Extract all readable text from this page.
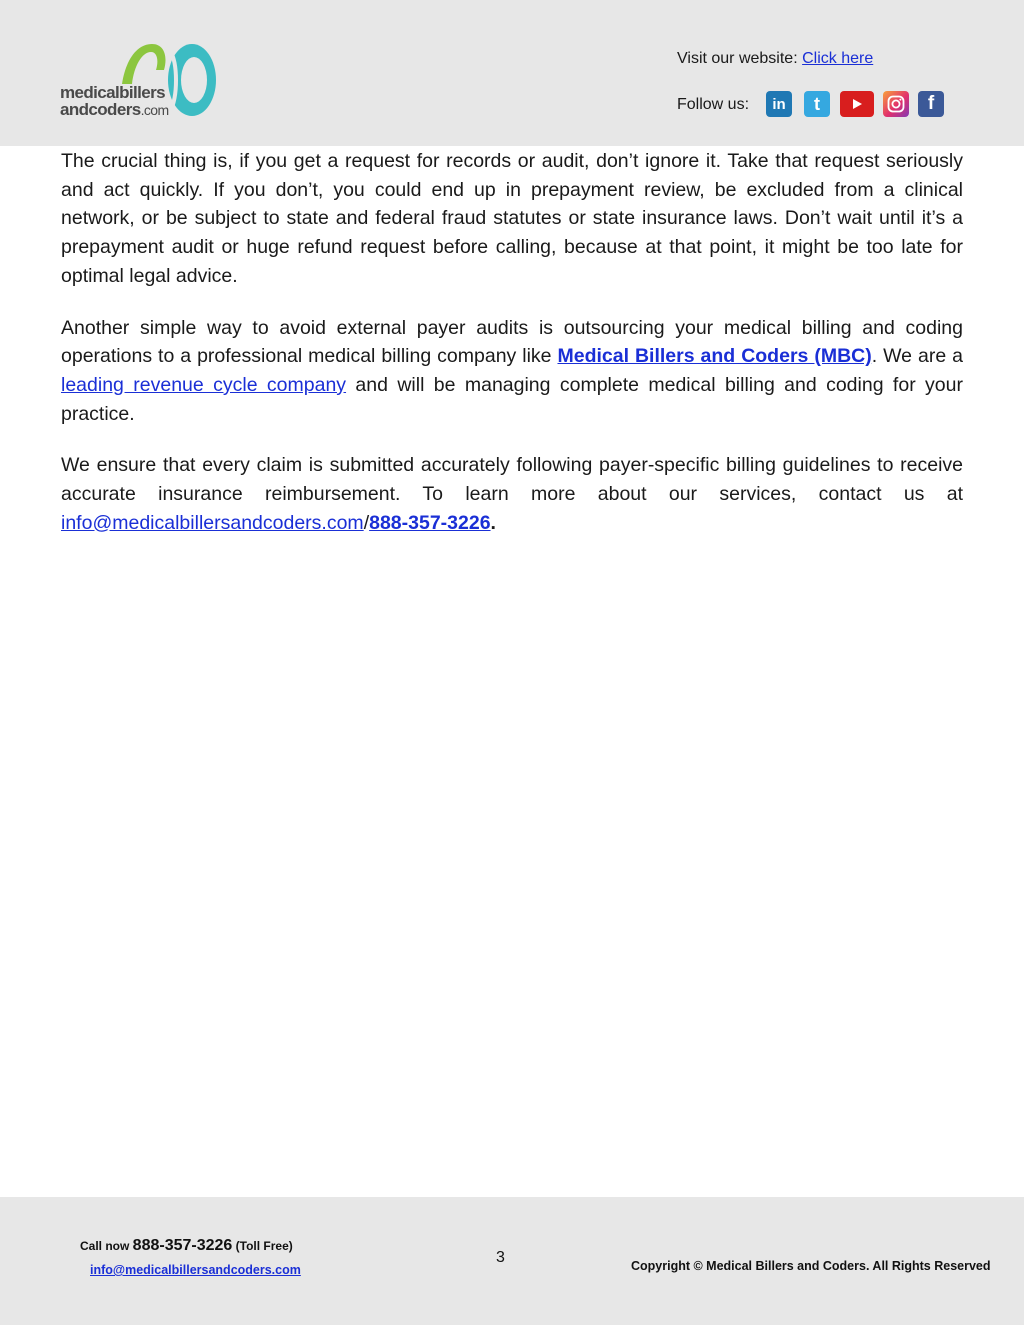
medicalbillers
andcoders.com
Visit our website: Click here
Follow us: in t	f

The crucial thing is, if you get a request for records or audit, don’t ignore it. Take that request seriously and act quickly. If you don’t, you could end up in prepayment review, be excluded from a clinical network, or be subject to state and federal fraud statutes or state insurance laws. Don’t wait until it’s a prepayment audit or huge refund request before calling, because at that point, it might be too late for optimal legal advice.

Another simple way to avoid external payer audits is outsourcing your medical billing and coding operations to a professional medical billing company like Medical Billers and Coders (MBC). We are a leading revenue cycle company and will be managing complete medical billing and coding for your practice.

We ensure that every claim is submitted accurately following payer-specific billing guidelines to receive accurate insurance reimbursement. To learn more about our services, contact us at info@medicalbillersandcoders.com/888-357-3226.

Call now 888-357-3226 (Toll Free)
info@medicalbillersandcoders.com
3	Copyright © Medical Billers and Coders. All Rights Reserved
